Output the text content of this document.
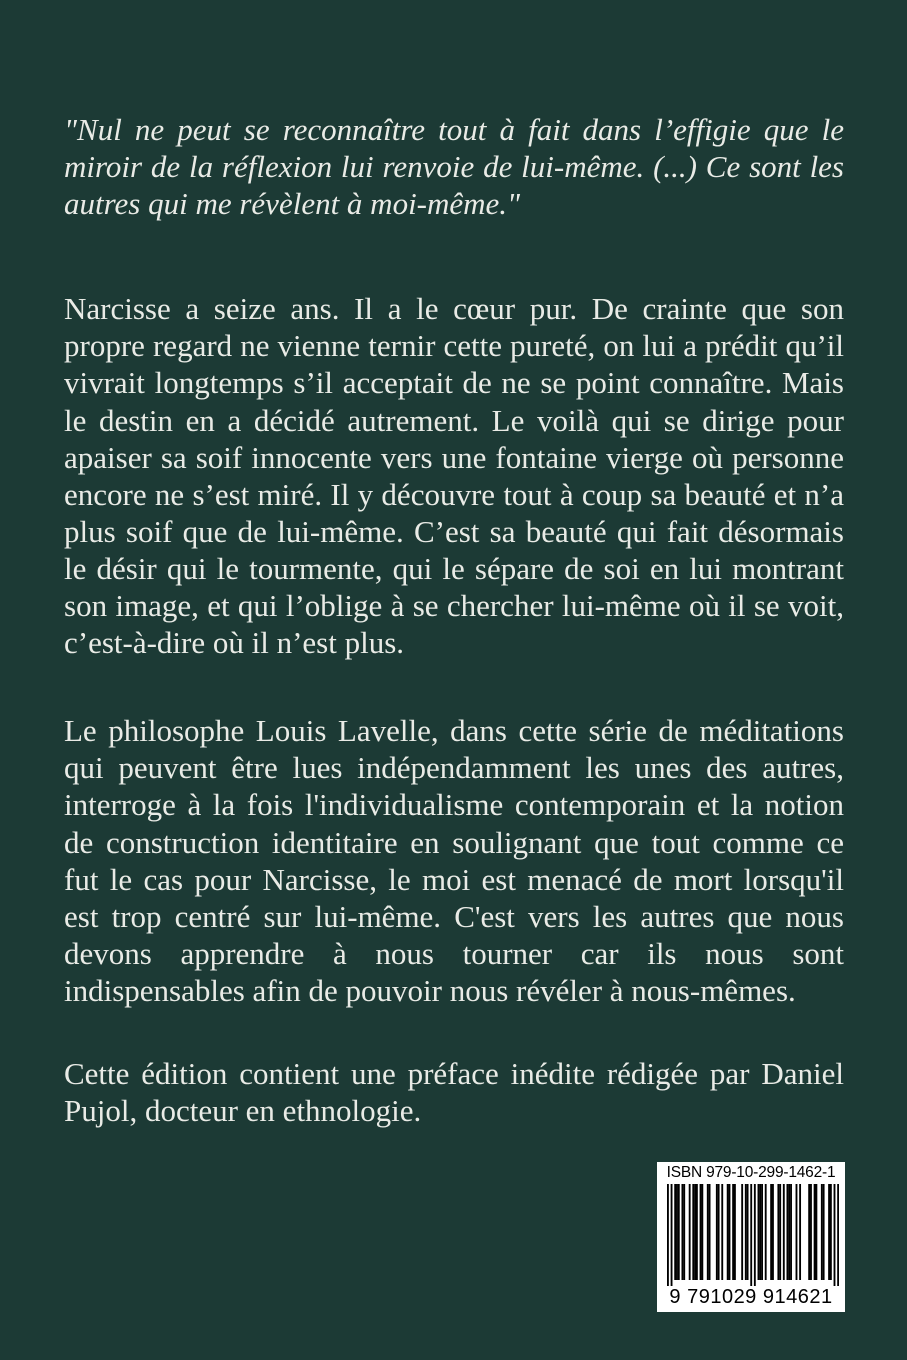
"Nul ne peut se reconnaître tout à fait dans l’effigie que le miroir de la réflexion lui renvoie de lui-même. (...) Ce sont les autres qui me révèlent à moi-même."

Narcisse a seize ans. Il a le cœur pur. De crainte que son propre regard ne vienne ternir cette pureté, on lui a prédit qu’il vivrait longtemps s’il acceptait de ne se point connaître. Mais le destin en a décidé autrement. Le voilà qui se dirige pour apaiser sa soif innocente vers une fontaine vierge où personne encore ne s’est miré. Il y découvre tout à coup sa beauté et n’a plus soif que de lui-même. C’est sa beauté qui fait désormais le désir qui le tourmente, qui le sépare de soi en lui montrant son image, et qui l’oblige à se chercher lui-même où il se voit, c’est-à-dire où il n’est plus.

Le philosophe Louis Lavelle, dans cette série de méditations qui peuvent être lues indépendamment les unes des autres, interroge à la fois l'individualisme contemporain et la notion de construction identitaire en soulignant que tout comme ce fut le cas pour Narcisse, le moi est menacé de mort lorsqu'il est trop centré sur lui-même. C'est vers les autres que nous devons apprendre à nous tourner car ils nous sont indispensables afin de pouvoir nous révéler à nous-mêmes.

Cette édition contient une préface inédite rédigée par Daniel Pujol, docteur en ethnologie.

ISBN 979-10-299-1462-1
9 791029 914621
